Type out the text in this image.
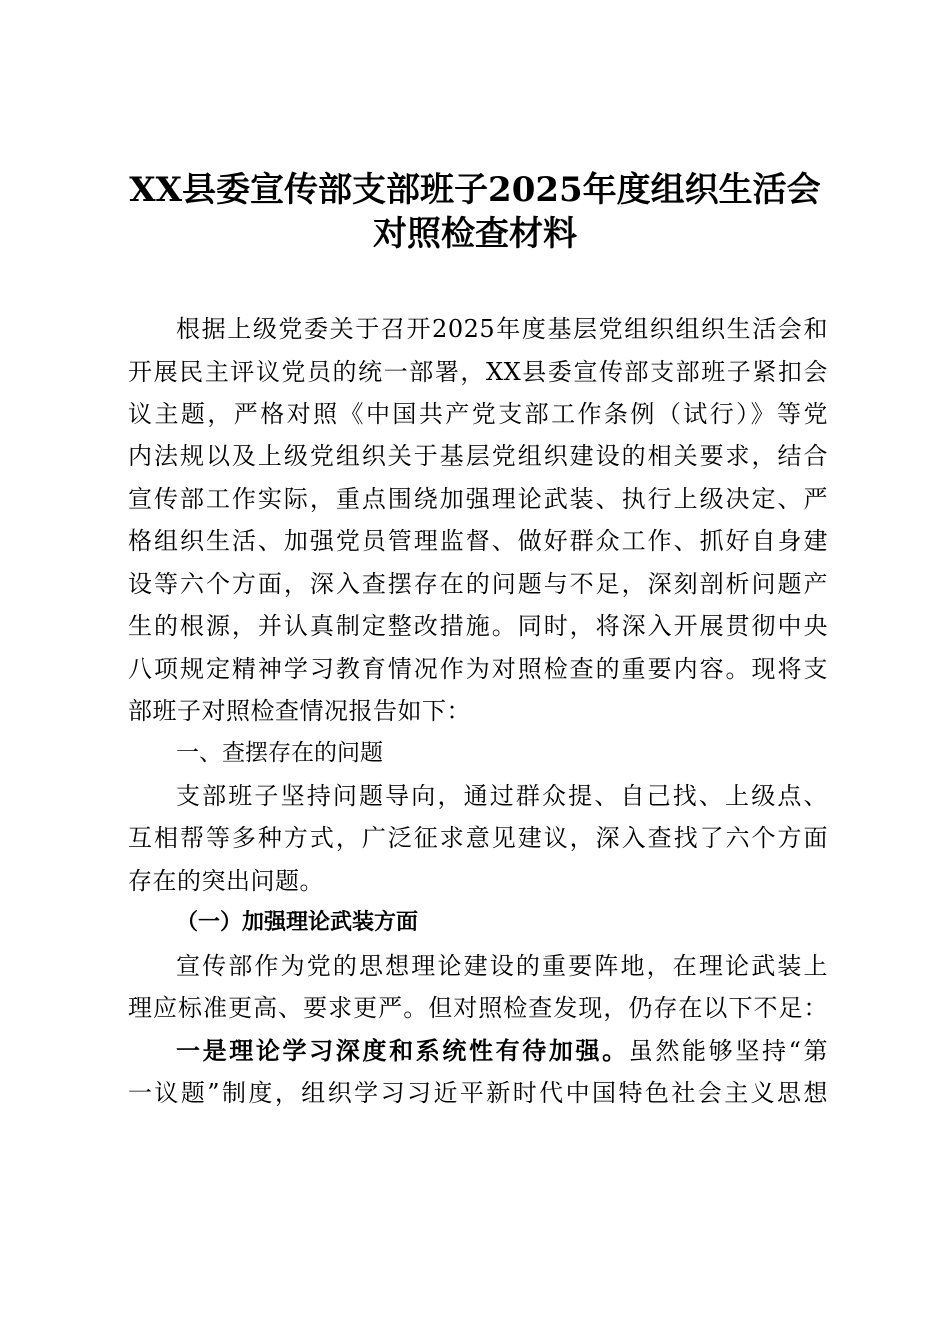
XX县委宣传部支部班子2025年度组织生活会
对照检查材料
根据上级党委关于召开2025年度基层党组织组织生活会和
开展民主评议党员的统一部署，XX县委宣传部支部班子紧扣会
议主题，严格对照《中国共产党支部工作条例（试行）》等党
内法规以及上级党组织关于基层党组织建设的相关要求，结合
宣传部工作实际，重点围绕加强理论武装、执行上级决定、严
格组织生活、加强党员管理监督、做好群众工作、抓好自身建
设等六个方面，深入查摆存在的问题与不足，深刻剖析问题产
生的根源，并认真制定整改措施。同时，将深入开展贯彻中央
八项规定精神学习教育情况作为对照检查的重要内容。现将支
部班子对照检查情况报告如下：
一、查摆存在的问题
支部班子坚持问题导向，通过群众提、自己找、上级点、
互相帮等多种方式，广泛征求意见建议，深入查找了六个方面
存在的突出问题。
（一）加强理论武装方面
宣传部作为党的思想理论建设的重要阵地，在理论武装上
理应标准更高、要求更严。但对照检查发现，仍存在以下不足：
一是理论学习深度和系统性有待加强。虽然能够坚持“第
一议题”制度，组织学习习近平新时代中国特色社会主义思想
